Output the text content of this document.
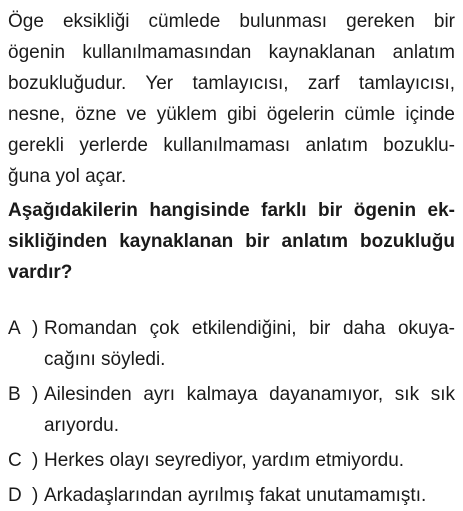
Öge eksikliği cümlede bulunması gereken bir

ögenin kullanılmamasından kaynaklanan anlatım

bozukluğudur. Yer tamlayıcısı, zarf tamlayıcısı,

nesne, özne ve yüklem gibi ögelerin cümle içinde

gerekli yerlerde kullanılmaması anlatım bozuklu-

ğuna yol açar.

Aşağıdakilerin hangisinde farklı bir ögenin ek-

sikliğinden kaynaklanan bir anlatım bozukluğu

vardır?

A ) Romandan çok etkilendiğini, bir daha okuya-
cağını söyledi.
B ) Ailesinden ayrı kalmaya dayanamıyor, sık sık
arıyordu.
C ) Herkes olayı seyrediyor, yardım etmiyordu.
D ) Arkadaşlarından ayrılmış fakat unutamamıştı.
